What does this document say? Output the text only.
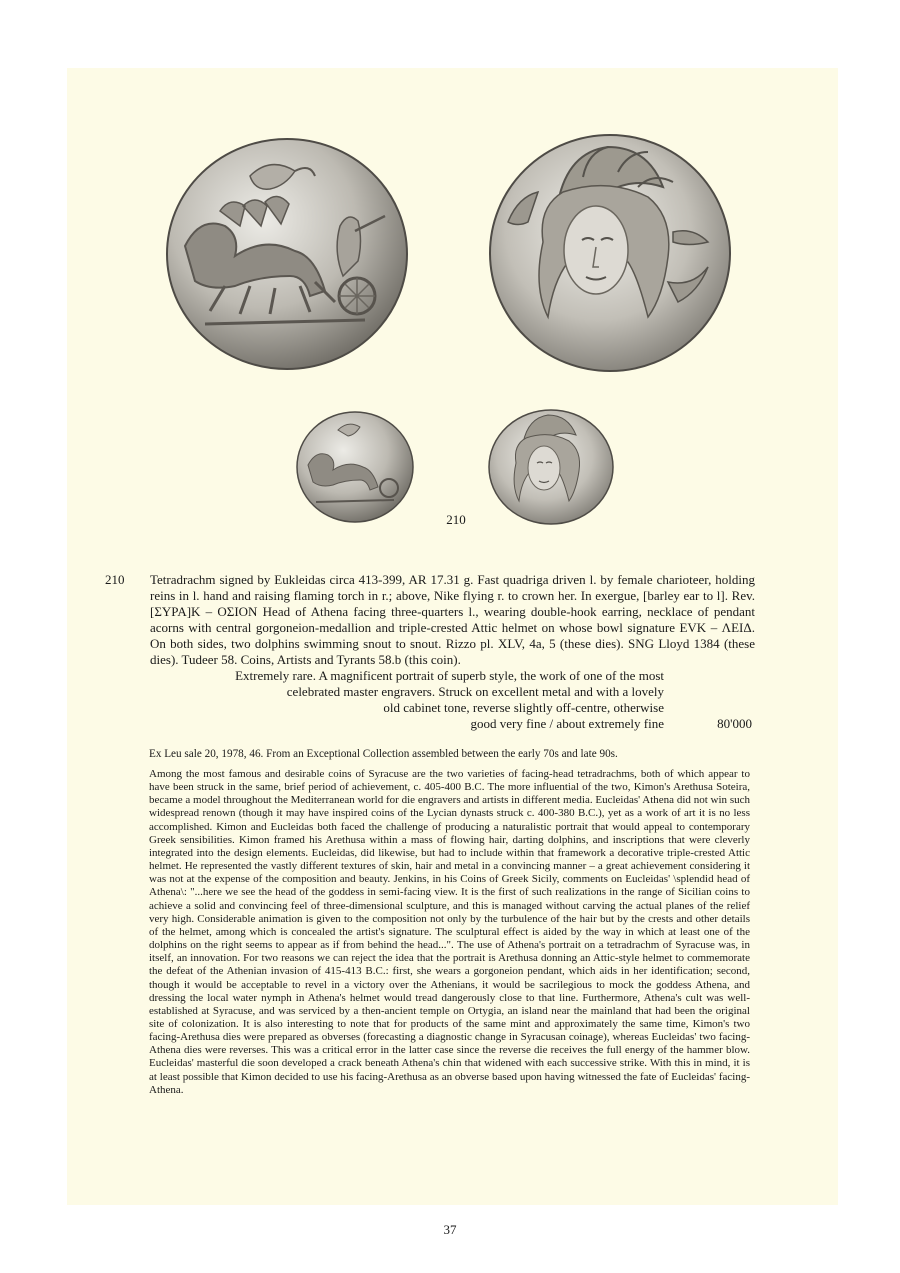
210
210 Tetradrachm signed by Eukleidas circa 413-399, AR 17.31 g. Fast quadriga driven l. by female charioteer, holding reins in l. hand and raising flaming torch in r.; above, Nike flying r. to crown her. In exergue, [barley ear to l]. Rev. [ΣΥΡΑ]Κ – ΟΣΙΟΝ Head of Athena facing three-quarters l., wearing double-hook earring, necklace of pendant acorns with central gorgoneion-medallion and triple-crested Attic helmet on whose bowl signature EVK – ΛΕΙΔ. On both sides, two dolphins swimming snout to snout. Rizzo pl. XLV, 4a, 5 (these dies). SNG Lloyd 1384 (these dies). Tudeer 58. Coins, Artists and Tyrants 58.b (this coin).

Extremely rare. A magnificent portrait of superb style, the work of one of the most
celebrated master engravers. Struck on excellent metal and with a lovely
old cabinet tone, reverse slightly off-centre, otherwise
good very fine / about extremely fine	80'000
Ex Leu sale 20, 1978, 46. From an Exceptional Collection assembled between the early 70s and late 90s.
Among the most famous and desirable coins of Syracuse are the two varieties of facing-head tetradrachms, both of which appear to have been struck in the same, brief period of achievement, c. 405-400 B.C. The more influential of the two, Kimon's Arethusa Soteira, became a model throughout the Mediterranean world for die engravers and artists in different media. Eucleidas' Athena did not win such widespread renown (though it may have inspired coins of the Lycian dynasts struck c. 400-380 B.C.), yet as a work of art it is no less accomplished. Kimon and Eucleidas both faced the challenge of producing a naturalistic portrait that would appeal to contemporary Greek sensibilities. Kimon framed his Arethusa within a mass of flowing hair, darting dolphins, and inscriptions that were cleverly integrated into the design elements. Eucleidas, did likewise, but had to include within that framework a decorative triple-crested Attic helmet. He represented the vastly different textures of skin, hair and metal in a convincing manner – a great achievement considering it was not at the expense of the composition and beauty. Jenkins, in his Coins of Greek Sicily, comments on Eucleidas' \splendid head of Athena\: "...here we see the head of the goddess in semi-facing view. It is the first of such realizations in the range of Sicilian coins to achieve a solid and convincing feel of three-dimensional sculpture, and this is managed without carving the actual planes of the relief very high. Considerable animation is given to the composition not only by the turbulence of the hair but by the crests and other details of the helmet, among which is concealed the artist's signature. The sculptural effect is aided by the way in which at least one of the dolphins on the right seems to appear as if from behind the head...". The use of Athena's portrait on a tetradrachm of Syracuse was, in itself, an innovation. For two reasons we can reject the idea that the portrait is Arethusa donning an Attic-style helmet to commemorate the defeat of the Athenian invasion of 415-413 B.C.: first, she wears a gorgoneion pendant, which aids in her identification; second, though it would be acceptable to revel in a victory over the Athenians, it would be sacrilegious to mock the goddess Athena, and dressing the local water nymph in Athena's helmet would tread dangerously close to that line. Furthermore, Athena's cult was well-established at Syracuse, and was serviced by a then-ancient temple on Ortygia, an island near the mainland that had been the original site of colonization. It is also interesting to note that for products of the same mint and approximately the same time, Kimon's two facing-Arethusa dies were prepared as obverses (forecasting a diagnostic change in Syracusan coinage), whereas Eucleidas' two facing-Athena dies were reverses. This was a critical error in the latter case since the reverse die receives the full energy of the hammer blow. Eucleidas' masterful die soon developed a crack beneath Athena's chin that widened with each successive strike. With this in mind, it is at least possible that Kimon decided to use his facing-Arethusa as an obverse based upon having witnessed the fate of Eucleidas' facing-Athena.
37
